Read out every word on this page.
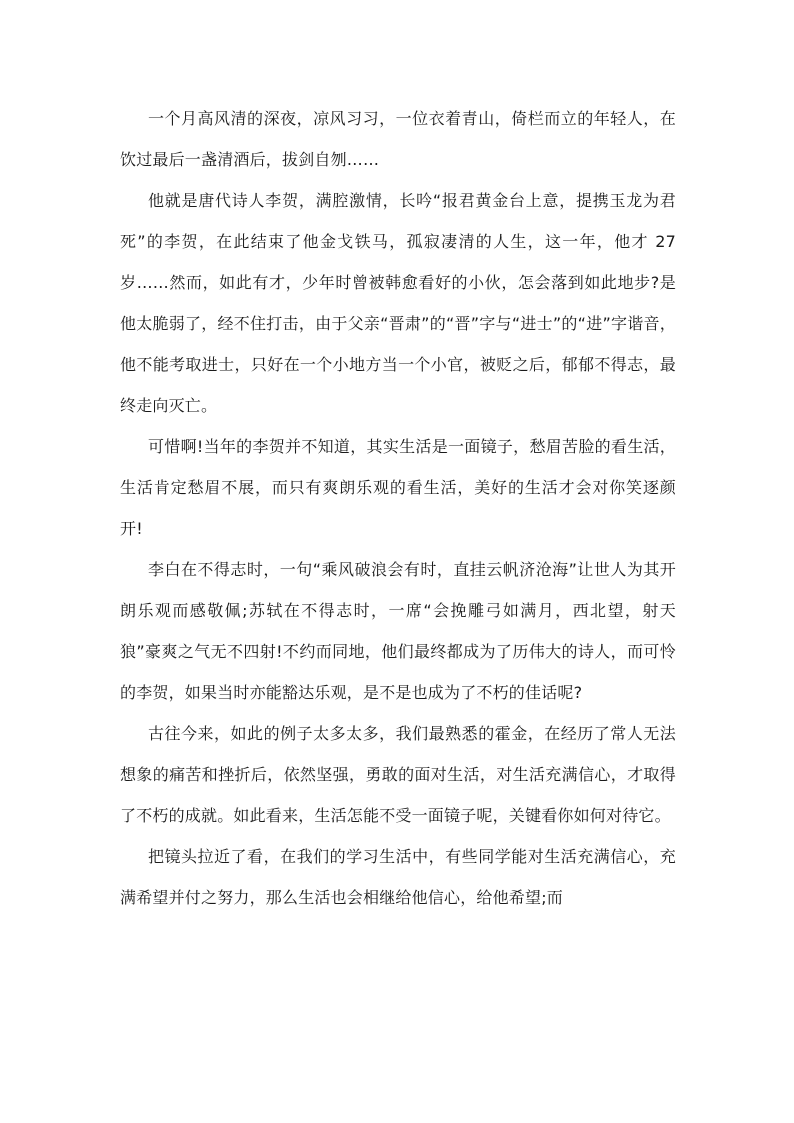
一个月高风清的深夜，凉风习习，一位衣着青山，倚栏而立的年轻人，在饮过最后一盏清酒后，拔剑自刎……

他就是唐代诗人李贺，满腔激情，长吟“报君黄金台上意，提携玉龙为君死”的李贺，在此结束了他金戈铁马，孤寂凄清的人生，这一年，他才 27 岁……然而，如此有才，少年时曾被韩愈看好的小伙，怎会落到如此地步?是他太脆弱了，经不住打击，由于父亲“晋肃”的“晋”字与“进士”的“进”字谐音，他不能考取进士，只好在一个小地方当一个小官，被贬之后，郁郁不得志，最终走向灭亡。

可惜啊!当年的李贺并不知道，其实生活是一面镜子，愁眉苦脸的看生活，生活肯定愁眉不展，而只有爽朗乐观的看生活，美好的生活才会对你笑逐颜开!

李白在不得志时，一句“乘风破浪会有时，直挂云帆济沧海”让世人为其开朗乐观而感敬佩;苏轼在不得志时，一席“会挽雕弓如满月，西北望，射天狼”豪爽之气无不四射!不约而同地，他们最终都成为了历伟大的诗人，而可怜的李贺，如果当时亦能豁达乐观，是不是也成为了不朽的佳话呢?

古往今来，如此的例子太多太多，我们最熟悉的霍金，在经历了常人无法想象的痛苦和挫折后，依然坚强，勇敢的面对生活，对生活充满信心，才取得了不朽的成就。如此看来，生活怎能不受一面镜子呢，关键看你如何对待它。

把镜头拉近了看，在我们的学习生活中，有些同学能对生活充满信心，充满希望并付之努力，那么生活也会相继给他信心，给他希望;而
